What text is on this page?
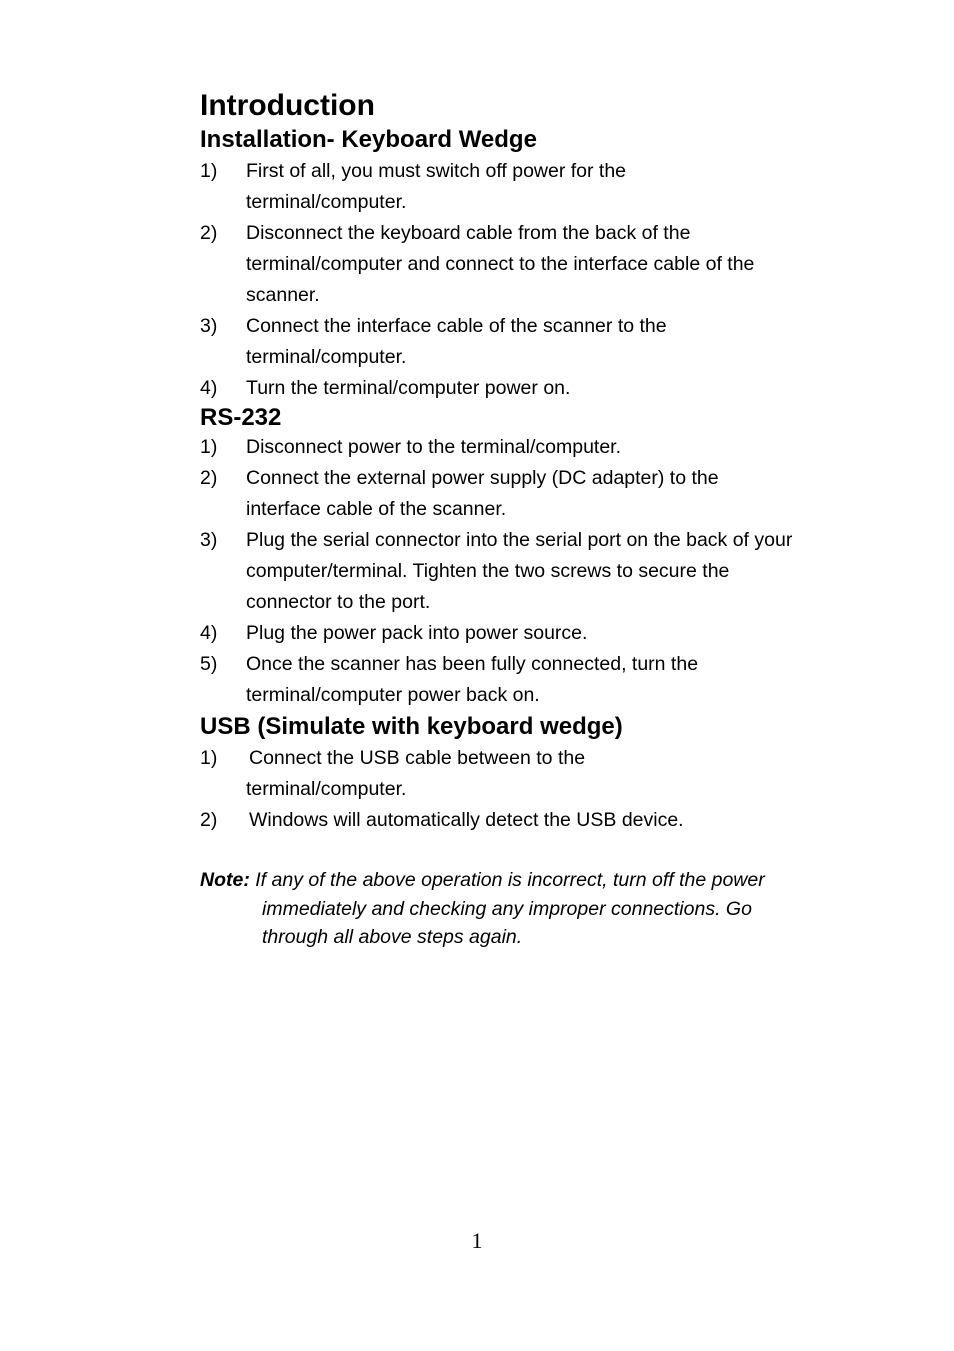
Introduction
Installation- Keyboard Wedge
1) First of all, you must switch off power for the terminal/computer.
2) Disconnect the keyboard cable from the back of the terminal/computer and connect to the interface cable of the scanner.
3) Connect the interface cable of the scanner to the terminal/computer.
4) Turn the terminal/computer power on.
RS-232
1) Disconnect power to the terminal/computer.
2) Connect the external power supply (DC adapter) to the interface cable of the scanner.
3) Plug the serial connector into the serial port on the back of your computer/terminal. Tighten the two screws to secure the connector to the port.
4) Plug the power pack into power source.
5) Once the scanner has been fully connected, turn the terminal/computer power back on.
USB (Simulate with keyboard wedge)
1) Connect the USB cable between to the terminal/computer.
2) Windows will automatically detect the USB device.
Note: If any of the above operation is incorrect, turn off the power immediately and checking any improper connections. Go through all above steps again.
1
